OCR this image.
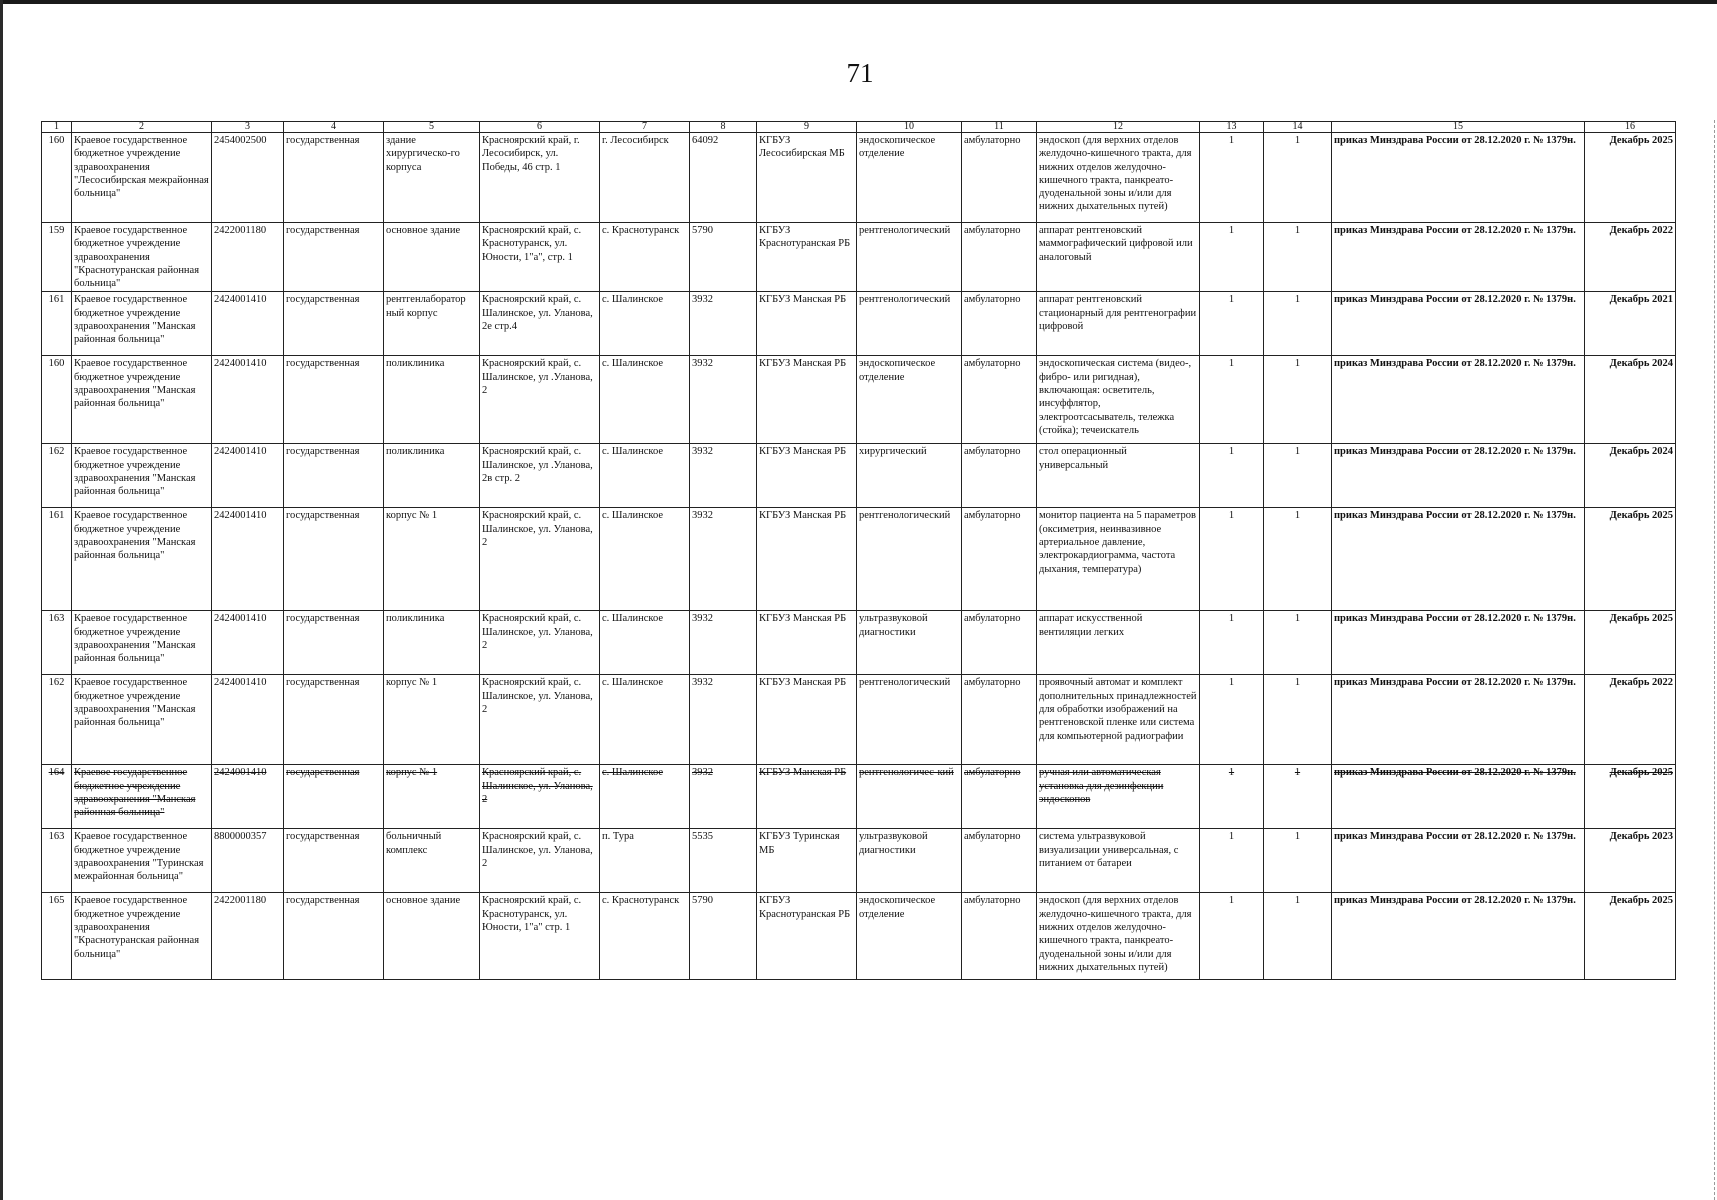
71
1	2	3	4	5	6	7	8	9	10	11	12	13	14	15	16
160	Краевое государственное бюджетное учреждение здравоохранения "Лесосибирская межрайонная больница"	2454002500	государственная	здание хирургическо-го корпуса	Красноярский край, г. Лесосибирск, ул. Победы, 46 стр. 1	г. Лесосибирск	64092	КГБУЗ Лесосибирская МБ	эндоскопическое отделение	амбулаторно	эндоскоп (для верхних отделов желудочно-кишечного тракта, для нижних отделов желудочно-кишечного тракта, панкреато-дуоденальной зоны и/или для нижних дыхательных путей)	1	1	приказ Минздрава России от 28.12.2020 г. № 1379н.	Декабрь 2025
159	Краевое государственное бюджетное учреждение здравоохранения "Краснотуранская районная больница"	2422001180	государственная	основное здание	Красноярский край, с. Краснотуранск, ул. Юности, 1"а", стр. 1	с. Краснотуранск	5790	КГБУЗ Краснотуранская РБ	рентгенологический	амбулаторно	аппарат рентгеновский маммографический цифровой или аналоговый	1	1	приказ Минздрава России от 28.12.2020 г. № 1379н.	Декабрь 2022
161	Краевое государственное бюджетное учреждение здравоохранения "Манская районная больница"	2424001410	государственная	рентгенлаборатор ный корпус	Красноярский край, с. Шалинское, ул. Уланова, 2е стр.4	с. Шалинское	3932	КГБУЗ Манская РБ	рентгенологический	амбулаторно	аппарат рентгеновский стационарный для рентгенографии цифровой	1	1	приказ Минздрава России от 28.12.2020 г. № 1379н.	Декабрь 2021
160	Краевое государственное бюджетное учреждение здравоохранения "Манская районная больница"	2424001410	государственная	поликлиника	Красноярский край, с. Шалинское, ул .Уланова, 2	с. Шалинское	3932	КГБУЗ Манская РБ	эндоскопическое отделение	амбулаторно	эндоскопическая система (видео-, фибро- или ригидная), включающая: осветитель, инсуффлятор, электроотсасыватель, тележка (стойка); течеискатель	1	1	приказ Минздрава России от 28.12.2020 г. № 1379н.	Декабрь 2024
162	Краевое государственное бюджетное учреждение здравоохранения "Манская районная больница"	2424001410	государственная	поликлиника	Красноярский край, с. Шалинское, ул .Уланова, 2в стр. 2	с. Шалинское	3932	КГБУЗ Манская РБ	хирургический	амбулаторно	стол операционный универсальный	1	1	приказ Минздрава России от 28.12.2020 г. № 1379н.	Декабрь 2024
161	Краевое государственное бюджетное учреждение здравоохранения "Манская районная больница"	2424001410	государственная	корпус № 1	Красноярский край, с. Шалинское, ул. Уланова, 2	с. Шалинское	3932	КГБУЗ Манская РБ	рентгенологический	амбулаторно	монитор пациента на 5 параметров (оксиметрия, неинвазивное артериальное давление, электрокардиограмма, частота дыхания, температура)	1	1	приказ Минздрава России от 28.12.2020 г. № 1379н.	Декабрь 2025
163	Краевое государственное бюджетное учреждение здравоохранения "Манская районная больница"	2424001410	государственная	поликлиника	Красноярский край, с. Шалинское, ул. Уланова, 2	с. Шалинское	3932	КГБУЗ Манская РБ	ультразвуковой диагностики	амбулаторно	аппарат искусственной вентиляции легких	1	1	приказ Минздрава России от 28.12.2020 г. № 1379н.	Декабрь 2025
162	Краевое государственное бюджетное учреждение здравоохранения "Манская районная больница"	2424001410	государственная	корпус № 1	Красноярский край, с. Шалинское, ул. Уланова, 2	с. Шалинское	3932	КГБУЗ Манская РБ	рентгенологический	амбулаторно	проявочный автомат и комплект дополнительных принадлежностей для обработки изображений на рентгеновской пленке или система для компьютерной радиографии	1	1	приказ Минздрава России от 28.12.2020 г. № 1379н.	Декабрь 2022
164	Краевое государственное бюджетное учреждение здравоохранения "Манская районная больница"	2424001410	государственная	корпус № 1	Красноярский край, с. Шалинское, ул. Уланова, 2	с. Шалинское	3932	КГБУЗ Манская РБ	рентгенологичес-кий	амбулаторно	ручная или автоматическая установка для дезинфекции эндоскопов	1	1	приказ Минздрава России от 28.12.2020 г. № 1379н.	Декабрь 2025
163	Краевое государственное бюджетное учреждение здравоохранения "Туринская межрайонная больница"	8800000357	государственная	больничный комплекс	Красноярский край, с. Шалинское, ул. Уланова, 2	п. Тура	5535	КГБУЗ Туринская МБ	ультразвуковой диагностики	амбулаторно	система ультразвуковой визуализации универсальная, с питанием от батареи	1	1	приказ Минздрава России от 28.12.2020 г. № 1379н.	Декабрь 2023
165	Краевое государственное бюджетное учреждение здравоохранения "Краснотуранская районная больница"	2422001180	государственная	основное здание	Красноярский край, с. Краснотуранск, ул. Юности, 1"а" стр. 1	с. Краснотуранск	5790	КГБУЗ Краснотуранская РБ	эндоскопическое отделение	амбулаторно	эндоскоп (для верхних отделов желудочно-кишечного тракта, для нижних отделов желудочно-кишечного тракта, панкреато-дуоденальной зоны и/или для нижних дыхательных путей)	1	1	приказ Минздрава России от 28.12.2020 г. № 1379н.	Декабрь 2025
